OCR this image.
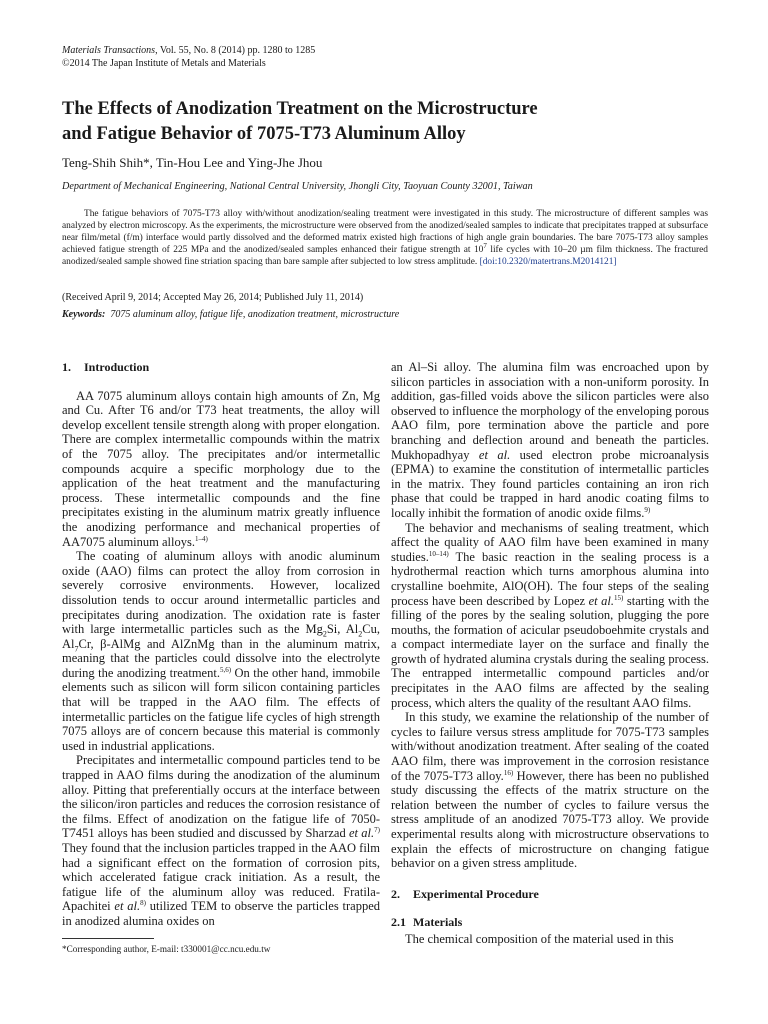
Materials Transactions, Vol. 55, No. 8 (2014) pp. 1280 to 1285
©2014 The Japan Institute of Metals and Materials
The Effects of Anodization Treatment on the Microstructure
and Fatigue Behavior of 7075-T73 Aluminum Alloy
Teng-Shih Shih*, Tin-Hou Lee and Ying-Jhe Jhou
Department of Mechanical Engineering, National Central University, Jhongli City, Taoyuan County 32001, Taiwan

The fatigue behaviors of 7075-T73 alloy with/without anodization/sealing treatment were investigated in this study. The microstructure of different samples was analyzed by electron microscopy. As the experiments, the microstructure were observed from the anodized/sealed samples to indicate that precipitates trapped at subsurface near film/metal (f/m) interface would partly dissolved and the deformed matrix existed high fractions of high angle grain boundaries. The bare 7075-T73 alloy samples achieved fatigue strength of 225 MPa and the anodized/sealed samples enhanced their fatigue strength at $10^7$ life cycles with 10–20 µm film thickness. The fractured anodized/sealed sample showed fine striation spacing than bare sample after subjected to low stress amplitude. [doi:10.2320/matertrans.M2014121]

(Received April 9, 2014; Accepted May 26, 2014; Published July 11, 2014)
Keywords: 7075 aluminum alloy, fatigue life, anodization treatment, microstructure
1. Introduction

AA 7075 aluminum alloys contain high amounts of Zn, Mg and Cu. After T6 and/or T73 heat treatments, the alloy will develop excellent tensile strength along with proper elongation. There are complex intermetallic compounds within the matrix of the 7075 alloy. The precipitates and/or intermetallic compounds acquire a specific morphology due to the application of the heat treatment and the manufacturing process. These intermetallic compounds and the fine precipitates existing in the aluminum matrix greatly influence the anodizing performance and mechanical properties of AA7075 aluminum alloys.$^{1-4)}$

The coating of aluminum alloys with anodic aluminum oxide (AAO) films can protect the alloy from corrosion in severely corrosive environments. However, localized dissolution tends to occur around intermetallic particles and precipitates during anodization. The oxidation rate is faster with large intermetallic particles such as the $Mg_2Si$, $Al_2Cu$, $Al_7Cr$, β-AlMg and AlZnMg than in the aluminum matrix, meaning that the particles could dissolve into the electrolyte during the anodizing treatment.$^{5,6)}$ On the other hand, immobile elements such as silicon will form silicon containing particles that will be trapped in the AAO film. The effects of intermetallic particles on the fatigue life cycles of high strength 7075 alloys are of concern because this material is commonly used in industrial applications.

Precipitates and intermetallic compound particles tend to be trapped in AAO films during the anodization of the aluminum alloy. Pitting that preferentially occurs at the interface between the silicon/iron particles and reduces the corrosion resistance of the films. Effect of anodization on the fatigue life of 7050-T7451 alloys has been studied and discussed by Sharzad et al.$^{7)}$ They found that the inclusion particles trapped in the AAO film had a significant effect on the formation of corrosion pits, which accelerated fatigue crack initiation. As a result, the fatigue life of the aluminum alloy was reduced. Fratila-Apachitei et al.$^{8)}$ utilized TEM to observe the particles trapped in anodized alumina oxides on

an Al–Si alloy. The alumina film was encroached upon by silicon particles in association with a non-uniform porosity. In addition, gas-filled voids above the silicon particles were also observed to influence the morphology of the enveloping porous AAO film, pore termination above the particle and pore branching and deflection around and beneath the particles. Mukhopadhyay et al. used electron probe microanalysis (EPMA) to examine the constitution of intermetallic particles in the matrix. They found particles containing an iron rich phase that could be trapped in hard anodic coating films to locally inhibit the formation of anodic oxide films.$^{9)}$

The behavior and mechanisms of sealing treatment, which affect the quality of AAO film have been examined in many studies.$^{10-14)}$ The basic reaction in the sealing process is a hydrothermal reaction which turns amorphous alumina into crystalline boehmite, AlO(OH). The four steps of the sealing process have been described by Lopez et al.$^{15)}$ starting with the filling of the pores by the sealing solution, plugging the pore mouths, the formation of acicular pseudoboehmite crystals and a compact intermediate layer on the surface and finally the growth of hydrated alumina crystals during the sealing process. The entrapped intermetallic compound particles and/or precipitates in the AAO films are affected by the sealing process, which alters the quality of the resultant AAO films.

In this study, we examine the relationship of the number of cycles to failure versus stress amplitude for 7075-T73 samples with/without anodization treatment. After sealing of the coated AAO film, there was improvement in the corrosion resistance of the 7075-T73 alloy.$^{16)}$ However, there has been no published study discussing the effects of the matrix structure on the relation between the number of cycles to failure versus the stress amplitude of an anodized 7075-T73 alloy. We provide experimental results along with microstructure observations to explain the effects of microstructure on changing fatigue behavior on a given stress amplitude.

2. Experimental Procedure
2.1 Materials

The chemical composition of the material used in this

*Corresponding author, E-mail: t330001@cc.ncu.edu.tw
